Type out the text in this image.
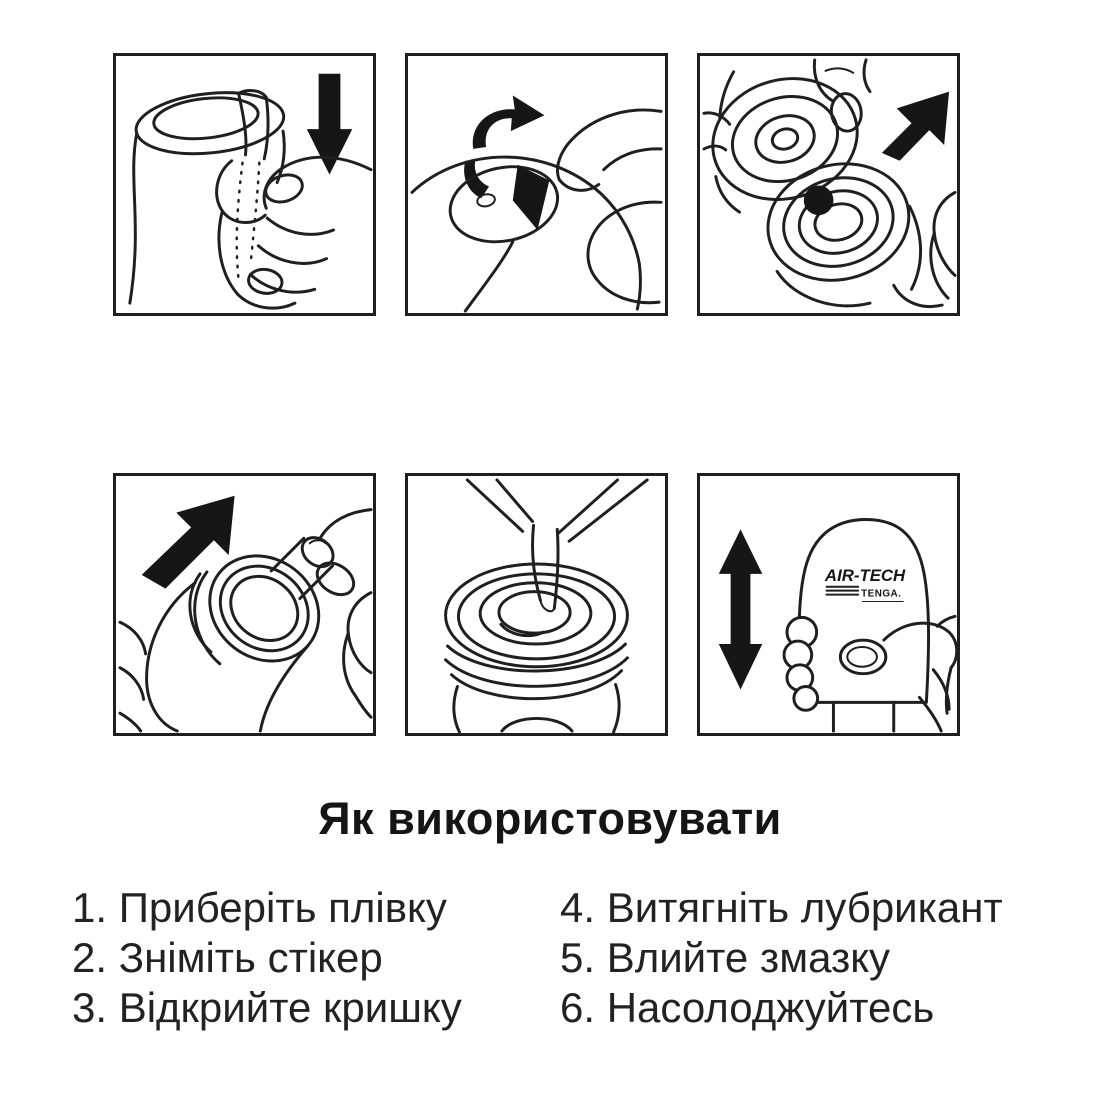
AIR-TECH
TENGA.
Як використовувати
1. Приберіть плівку
2. Зніміть стікер
3. Відкрийте кришку
4. Витягніть лубрикант
5. Влийте змазку
6. Насолоджуйтесь
